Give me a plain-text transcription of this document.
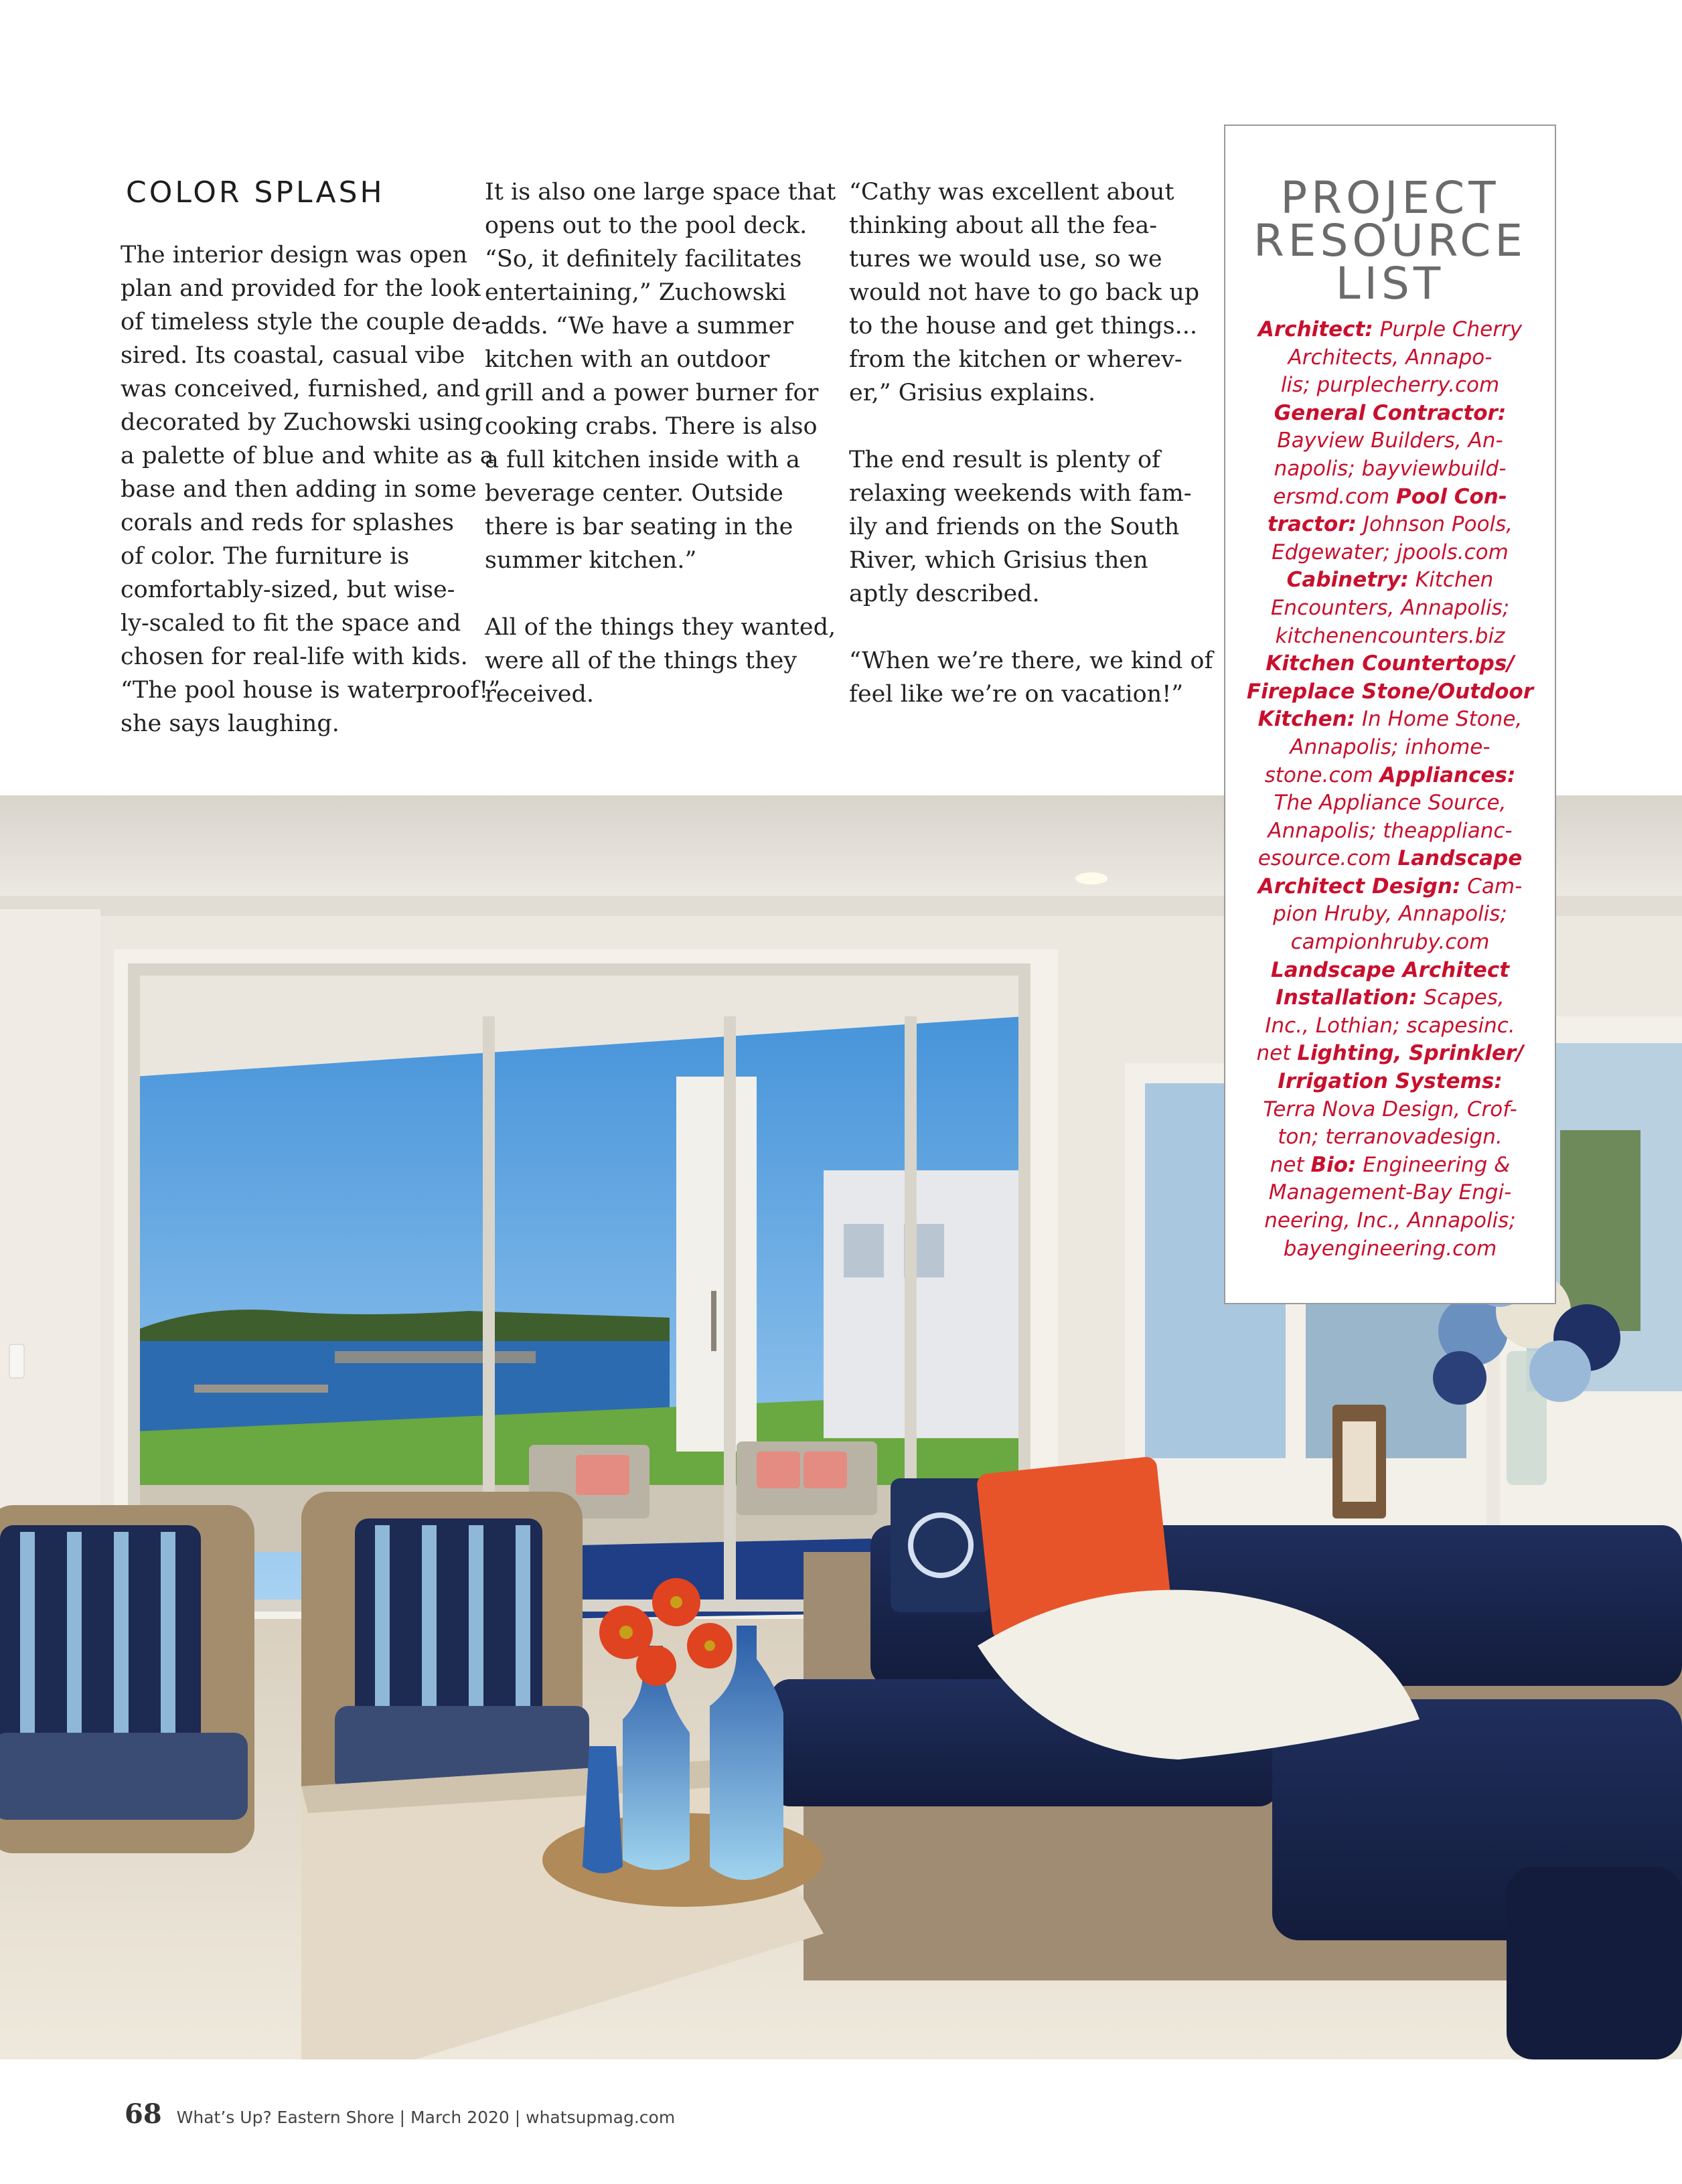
COLOR SPLASH

The interior design was open
plan and provided for the look
of timeless style the couple de-
sired. Its coastal, casual vibe
was conceived, furnished, and
decorated by Zuchowski using
a palette of blue and white as a
base and then adding in some
corals and reds for splashes
of color. The furniture is
comfortably-sized, but wise-
ly-scaled to fit the space and
chosen for real-life with kids.
“The pool house is waterproof!”
she says laughing.

It is also one large space that
opens out to the pool deck.
“So, it definitely facilitates
entertaining,” Zuchowski
adds. “We have a summer
kitchen with an outdoor
grill and a power burner for
cooking crabs. There is also
a full kitchen inside with a
beverage center. Outside
there is bar seating in the
summer kitchen.”

All of the things they wanted,
were all of the things they
received.

“Cathy was excellent about
thinking about all the fea-
tures we would use, so we
would not have to go back up
to the house and get things...
from the kitchen or wherev-
er,” Grisius explains.

The end result is plenty of
relaxing weekends with fam-
ily and friends on the South
River, which Grisius then
aptly described.

“When we’re there, we kind of
feel like we’re on vacation!”

PROJECT
RESOURCE
LIST
Architect: Purple Cherry
Architects, Annapo-
lis; purplecherry.com
General Contractor:
Bayview Builders, An-
napolis; bayviewbuild-
ersmd.com Pool Con-
tractor: Johnson Pools,
Edgewater; jpools.com
Cabinetry: Kitchen
Encounters, Annapolis;
kitchenencounters.biz
Kitchen Countertops/
Fireplace Stone/Outdoor
Kitchen: In Home Stone,
Annapolis; inhome-
stone.com Appliances:
The Appliance Source,
Annapolis; theapplianc-
esource.com Landscape
Architect Design: Cam-
pion Hruby, Annapolis;
campionhruby.com
Landscape Architect
Installation: Scapes,
Inc., Lothian; scapesinc.
net Lighting, Sprinkler/
Irrigation Systems:
Terra Nova Design, Crof-
ton; terranovadesign.
net Bio: Engineering &
Management-Bay Engi-
neering, Inc., Annapolis;
bayengineering.com
68 What’s Up? Eastern Shore | March 2020 | whatsupmag.com
